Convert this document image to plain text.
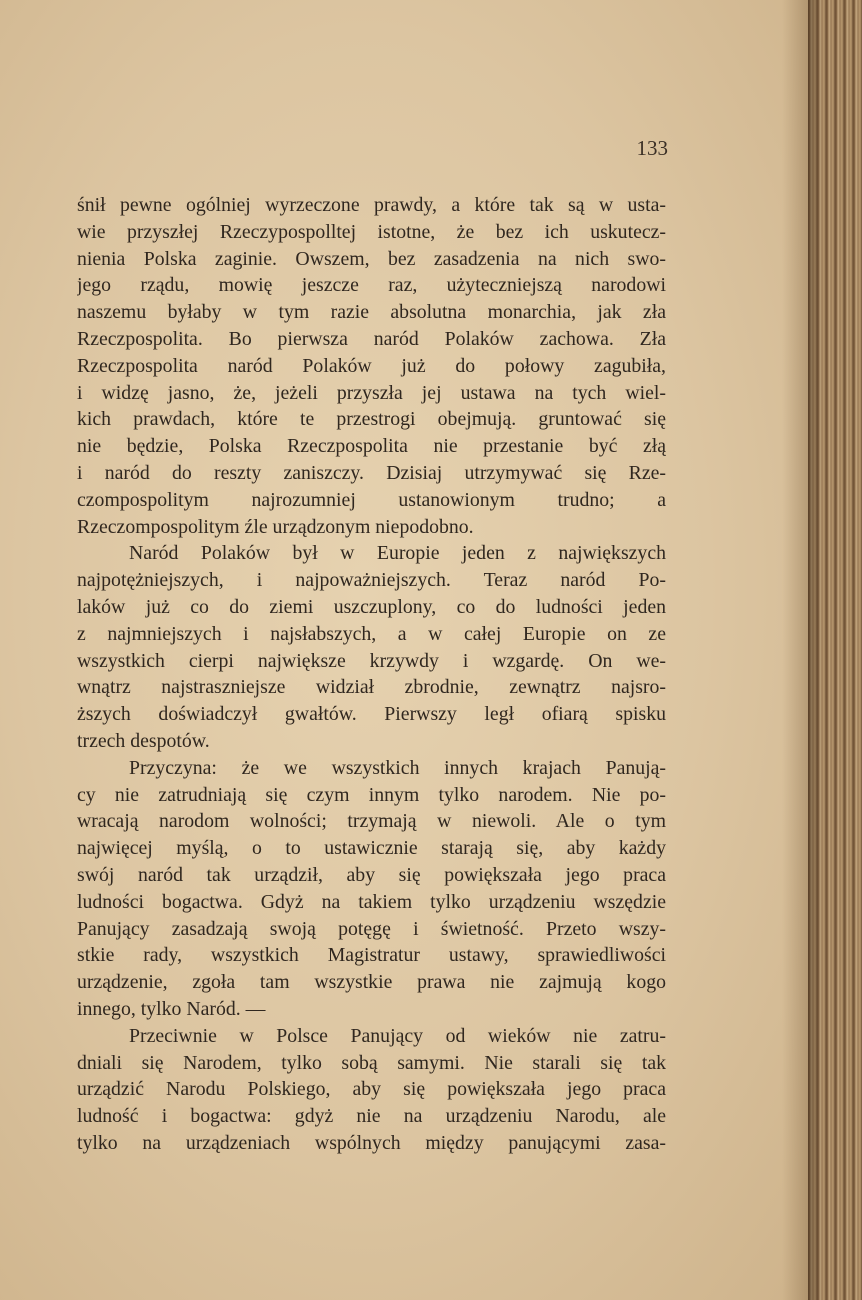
133

śnił pewne ogólniej wyrzeczone prawdy, a które tak są w usta-
wie przyszłej Rzeczypospolltej istotne, że bez ich uskutecz-
nienia Polska zaginie. Owszem, bez zasadzenia na nich swo-
jego rządu, mowię jeszcze raz, użyteczniejszą narodowi
naszemu byłaby w tym razie absolutna monarchia, jak zła
Rzeczpospolita. Bo pierwsza naród Polaków zachowa. Zła
Rzeczpospolita naród Polaków już do połowy zagubiła,
i widzę jasno, że, jeżeli przyszła jej ustawa na tych wiel-
kich prawdach, które te przestrogi obejmują. gruntować się
nie będzie, Polska Rzeczpospolita nie przestanie być złą
i naród do reszty zaniszczy. Dzisiaj utrzymywać się Rze-
czompospolitym najrozumniej ustanowionym trudno; a
Rzeczompospolitym źle urządzonym niepodobno.
Naród Polaków był w Europie jeden z największych
najpotężniejszych, i najpoważniejszych. Teraz naród Po-
laków już co do ziemi uszczuplony, co do ludności jeden
z najmniejszych i najsłabszych, a w całej Europie on ze
wszystkich cierpi największe krzywdy i wzgardę. On we-
wnątrz najstraszniejsze widział zbrodnie, zewnątrz najsro-
ższych doświadczył gwałtów. Pierwszy legł ofiarą spisku
trzech despotów.
Przyczyna: że we wszystkich innych krajach Panują-
cy nie zatrudniają się czym innym tylko narodem. Nie po-
wracają narodom wolności; trzymają w niewoli. Ale o tym
najwięcej myślą, o to ustawicznie starają się, aby każdy
swój naród tak urządził, aby się powiększała jego praca
ludności bogactwa. Gdyż na takiem tylko urządzeniu wszędzie
Panujący zasadzają swoją potęgę i świetność. Przeto wszy-
stkie rady, wszystkich Magistratur ustawy, sprawiedliwości
urządzenie, zgoła tam wszystkie prawa nie zajmują kogo
innego, tylko Naród. —
Przeciwnie w Polsce Panujący od wieków nie zatru-
dniali się Narodem, tylko sobą samymi. Nie starali się tak
urządzić Narodu Polskiego, aby się powiększała jego praca
ludność i bogactwa: gdyż nie na urządzeniu Narodu, ale
tylko na urządzeniach wspólnych między panującymi zasa-
